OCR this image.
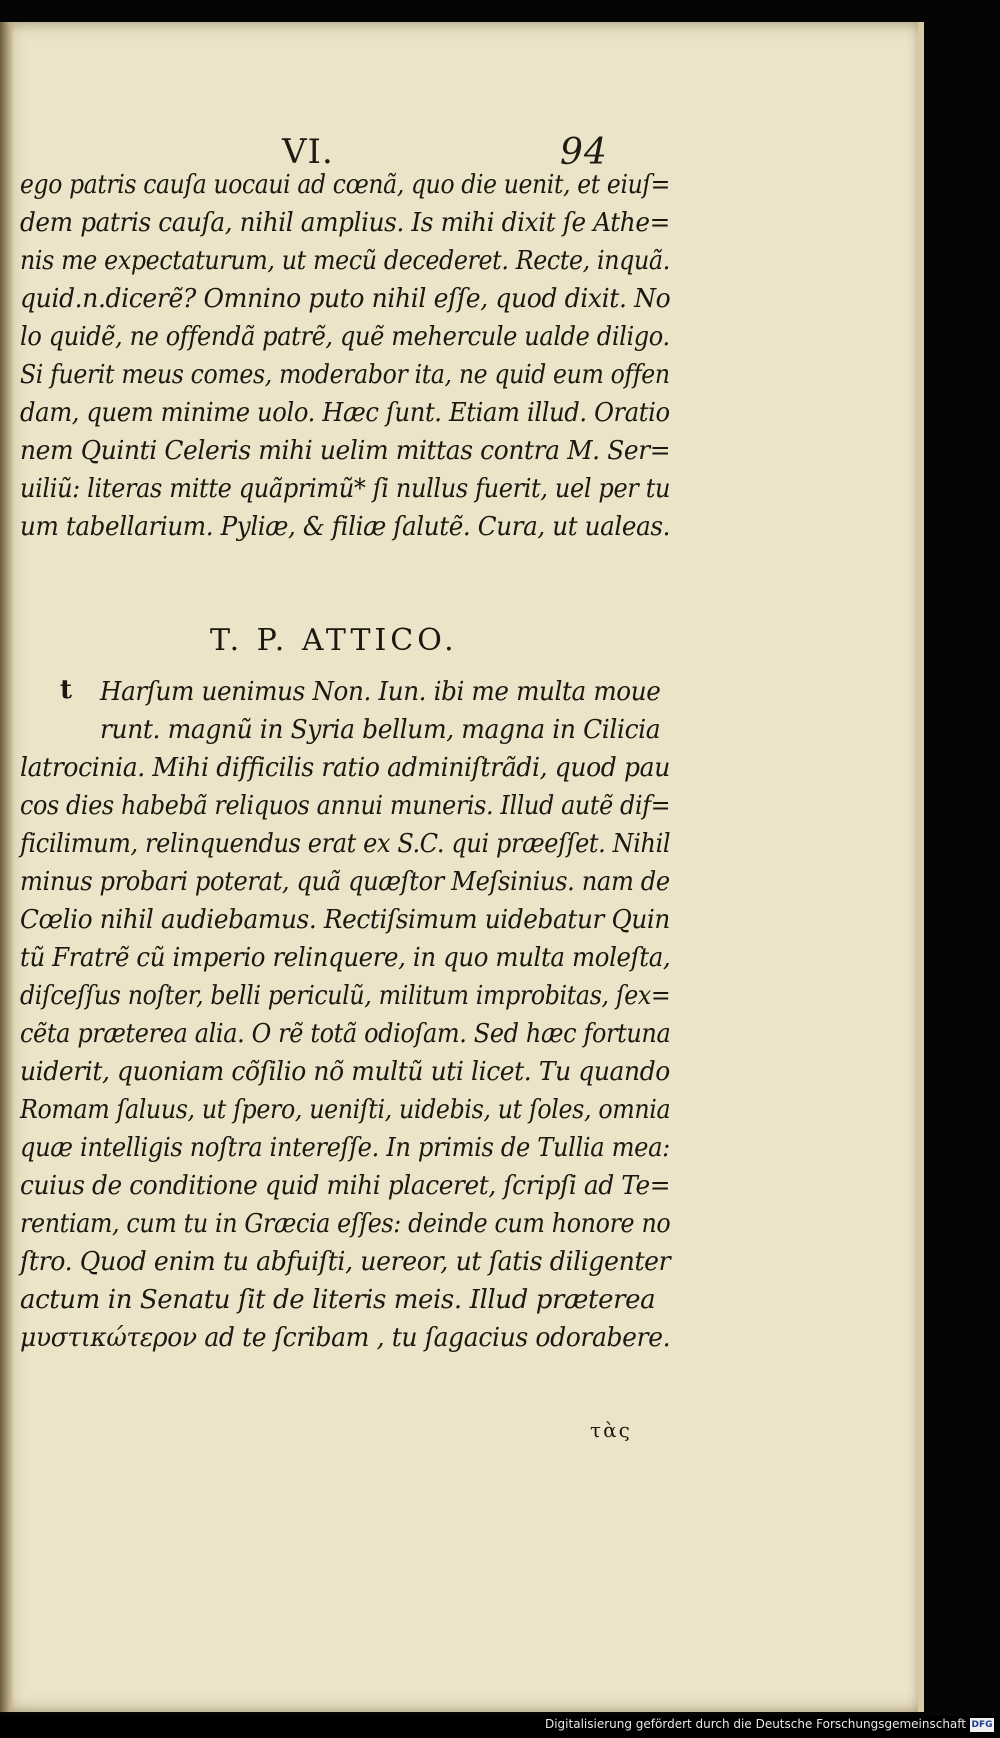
VI.	94
ego patris cauſa uocaui ad cœnã, quo die uenit, et eiuſ=
dem patris cauſa, nihil amplius. Is mihi dixit ſe Athe=
nis me expectaturum, ut mecũ decederet. Recte, inquã.
quid.n.dicerẽ? Omnino puto nihil eſſe, quod dixit. No
lo quidẽ, ne offendã patrẽ, quẽ mehercule ualde diligo.
Si fuerit meus comes, moderabor ita, ne quid eum offen
dam, quem minime uolo. Hæc ſunt. Etiam illud. Oratio
nem Quinti Celeris mihi uelim mittas contra M. Ser=
uiliũ: literas mitte quãprimũ* ſi nullus fuerit, uel per tu
um tabellarium. Pyliæ, & filiæ ſalutẽ. Cura, ut ualeas.
T. P. ATTICO.
t Harſum uenimus Non. Iun. ibi me multa moue
runt. magnũ in Syria bellum, magna in Cilicia
latrocinia. Mihi difficilis ratio adminiſtrãdi, quod pau
cos dies habebã reliquos annui muneris. Illud autẽ dif=
ficilimum, relinquendus erat ex S.C. qui præeſſet. Nihil
minus probari poterat, quã quæſtor Meſsinius. nam de
Cœlio nihil audiebamus. Rectiſsimum uidebatur Quin
tũ Fratrẽ cũ imperio relinquere, in quo multa moleſta,
diſceſſus noſter, belli periculũ, militum improbitas, ſex=
cẽta præterea alia. O rẽ totã odioſam. Sed hæc fortuna
uiderit, quoniam cõſilio nõ multũ uti licet. Tu quando
Romam ſaluus, ut ſpero, ueniſti, uidebis, ut ſoles, omnia
quæ intelligis noſtra intereſſe. In primis de Tullia mea:
cuius de conditione quid mihi placeret, ſcripſi ad Te=
rentiam, cum tu in Græcia eſſes: deinde cum honore no
ſtro. Quod enim tu abfuiſti, uereor, ut ſatis diligenter
actum in Senatu ſit de literis meis. Illud præterea
μυστικώτερον ad te ſcribam , tu ſagacius odorabere.
τὰς
Digitalisierung gefördert durch die Deutsche Forschungsgemeinschaft DFG
